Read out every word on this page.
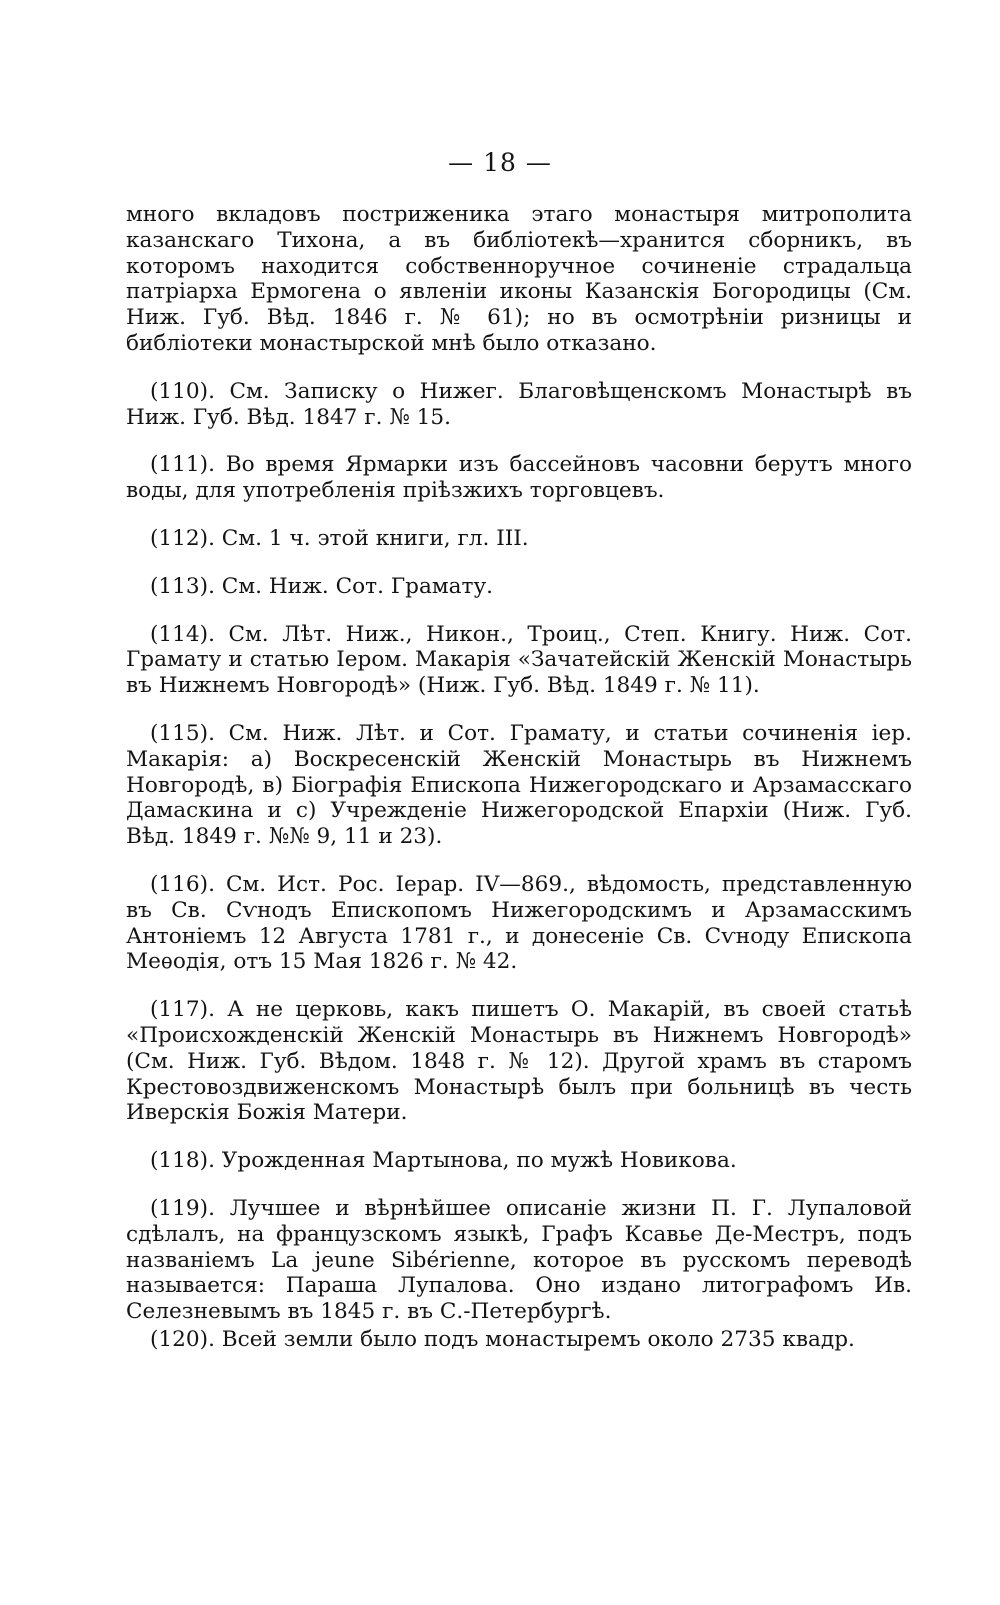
— 18 —

много вкладовъ постриженика этаго монастыря митрополита казанскаго Тихона, а въ библіотекѣ—хранится сборникъ, въ которомъ находится собственноручное сочиненіе страдальца патріарха Ермогена о явленіи иконы Казанскія Богородицы (См. Ниж. Губ. Вѣд. 1846 г. № 61); но въ осмотрѣніи ризницы и библіотеки монастырской мнѣ было отказано.

(110). См. Записку о Нижег. Благовѣщенскомъ Монастырѣ въ Ниж. Губ. Вѣд. 1847 г. № 15.

(111). Во время Ярмарки изъ бассейновъ часовни берутъ много воды, для употребленія пріѣзжихъ торговцевъ.

(112). См. 1 ч. этой книги, гл. III.

(113). См. Ниж. Сот. Грамату.

(114). См. Лѣт. Ниж., Никон., Троиц., Степ. Книгу. Ниж. Сот. Грамату и статью Іером. Макарія «Зачатейскій Женскій Монастырь въ Нижнемъ Новгородѣ» (Ниж. Губ. Вѣд. 1849 г. № 11).

(115). См. Ниж. Лѣт. и Сот. Грамату, и статьи сочиненія іер. Макарія: а) Воскресенскій Женскій Монастырь въ Нижнемъ Новгородѣ, в) Біографія Епископа Нижегородскаго и Арзамасскаго Дамаскина и с) Учрежденіе Нижегородской Епархіи (Ниж. Губ. Вѣд. 1849 г. №№ 9, 11 и 23).

(116). См. Ист. Рос. Іерар. IV—869., вѣдомость, представленную въ Св. Сѵнодъ Епископомъ Нижегородскимъ и Арзамасскимъ Антоніемъ 12 Августа 1781 г., и донесеніе Св. Сѵноду Епископа Меѳодія, отъ 15 Мая 1826 г. № 42.

(117). А не церковь, какъ пишетъ О. Макарій, въ своей статьѣ «Происхожденскій Женскій Монастырь въ Нижнемъ Новгородѣ» (См. Ниж. Губ. Вѣдом. 1848 г. № 12). Другой храмъ въ старомъ Крестовоздвиженскомъ Монастырѣ былъ при больницѣ въ честь Иверскія Божія Матери.

(118). Урожденная Мартынова, по мужѣ Новикова.

(119). Лучшее и вѣрнѣйшее описаніе жизни П. Г. Лупаловой сдѣлалъ, на французскомъ языкѣ, Графъ Ксавье Де-Местръ, подъ названіемъ La jeune Sibérienne, которое въ русскомъ переводѣ называется: Параша Лупалова. Оно издано литографомъ Ив. Селезневымъ въ 1845 г. въ С.-Петербургѣ.

(120). Всей земли было подъ монастыремъ около 2735 квадр.
